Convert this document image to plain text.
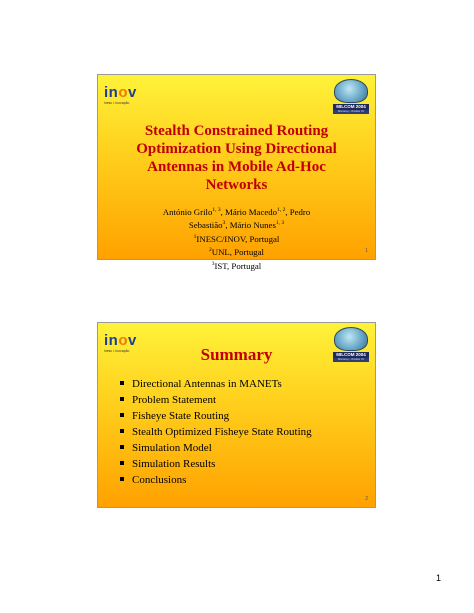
inov
inesc • inovação
MILCOM 2004
Monterey • October 31
Stealth Constrained Routing
Optimization Using Directional
Antennas in Mobile Ad-Hoc
Networks
António Grilo$^{1, 3}$, Mário Macedo$^{1, 2}$, Pedro
Sebastião$^3$, Mário Nunes$^{1, 3}$
$^1$INESC/INOV, Portugal
$^2$UNL, Portugal
$^3$IST, Portugal
1
inov
inesc • inovação
MILCOM 2004
Monterey • October 31
Summary
Directional Antennas in MANETs
Problem Statement
Fisheye State Routing
Stealth Optimized Fisheye State Routing
Simulation Model
Simulation Results
Conclusions
2
1
